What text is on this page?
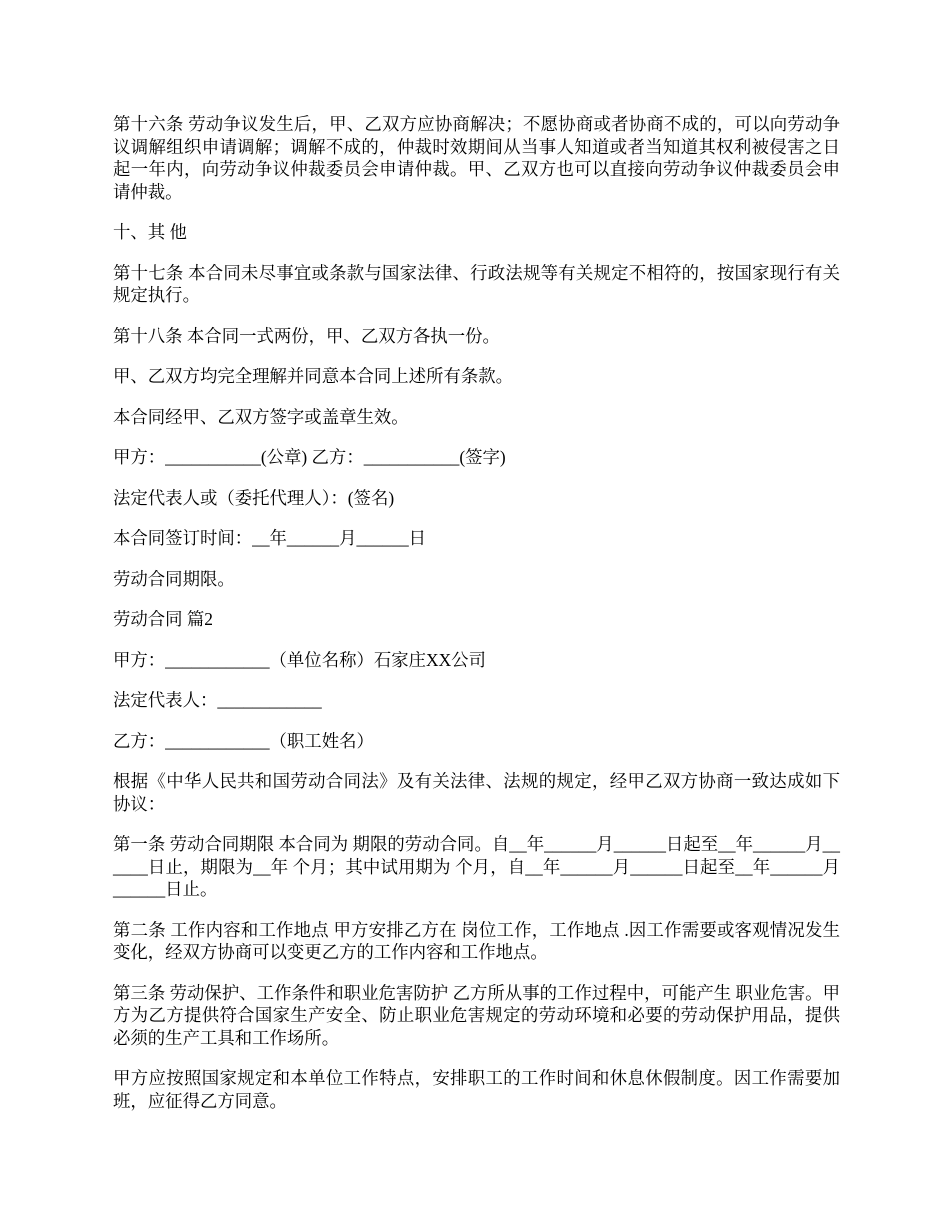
第十六条 劳动争议发生后，甲、乙双方应协商解决；不愿协商或者协商不成的，可以向劳动争议调解组织申请调解；调解不成的，仲裁时效期间从当事人知道或者当知道其权利被侵害之日起一年内，向劳动争议仲裁委员会申请仲裁。甲、乙双方也可以直接向劳动争议仲裁委员会申请仲裁。

十、其 他

第十七条 本合同未尽事宜或条款与国家法律、行政法规等有关规定不相符的，按国家现行有关规定执行。

第十八条 本合同一式两份，甲、乙双方各执一份。

甲、乙双方均完全理解并同意本合同上述所有条款。

本合同经甲、乙双方签字或盖章生效。

甲方：___________(公章) 乙方：___________(签字)

法定代表人或（委托代理人）：(签名)

本合同签订时间：__年______月______日

劳动合同期限。

劳动合同 篇2

甲方：____________（单位名称）石家庄XX公司

法定代表人：____________

乙方：____________（职工姓名）

根据《中华人民共和国劳动合同法》及有关法律、法规的规定，经甲乙双方协商一致达成如下协议：

第一条 劳动合同期限 本合同为 期限的劳动合同。自__年______月______日起至__年______月______日止，期限为__年 个月；其中试用期为 个月，自__年______月______日起至__年______月______日止。

第二条 工作内容和工作地点 甲方安排乙方在 岗位工作，工作地点 .因工作需要或客观情况发生变化，经双方协商可以变更乙方的工作内容和工作地点。

第三条 劳动保护、工作条件和职业危害防护 乙方所从事的工作过程中，可能产生 职业危害。甲方为乙方提供符合国家生产安全、防止职业危害规定的劳动环境和必要的劳动保护用品，提供必须的生产工具和工作场所。

甲方应按照国家规定和本单位工作特点，安排职工的工作时间和休息休假制度。因工作需要加班，应征得乙方同意。
